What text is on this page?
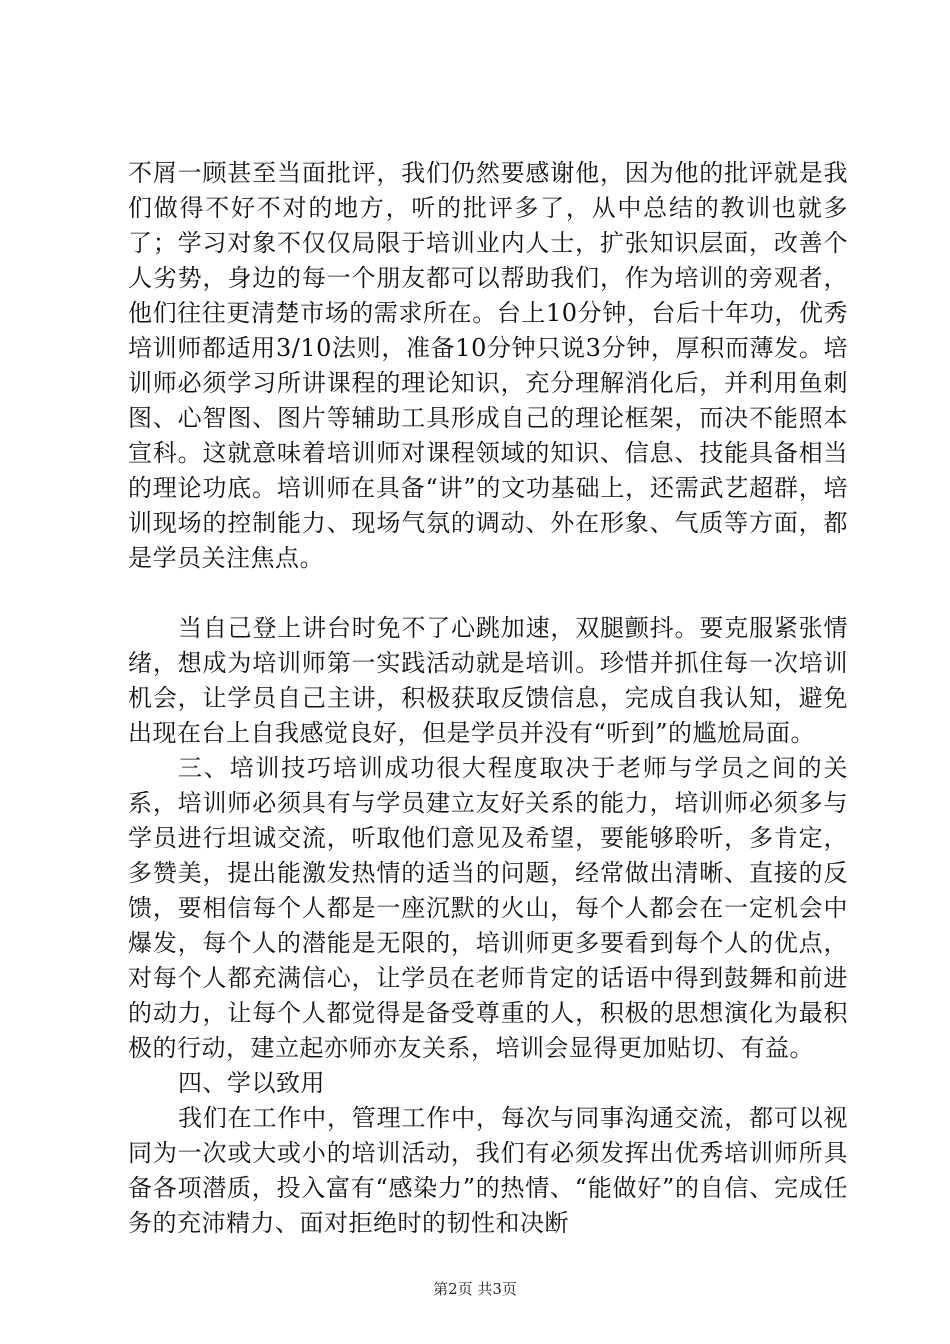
不屑一顾甚至当面批评，我们仍然要感谢他，因为他的批评就是我们做得不好不对的地方，听的批评多了，从中总结的教训也就多了；学习对象不仅仅局限于培训业内人士，扩张知识层面，改善个人劣势，身边的每一个朋友都可以帮助我们，作为培训的旁观者，他们往往更清楚市场的需求所在。台上10分钟，台后十年功，优秀培训师都适用3/10法则，准备10分钟只说3分钟，厚积而薄发。培训师必须学习所讲课程的理论知识，充分理解消化后，并利用鱼刺图、心智图、图片等辅助工具形成自己的理论框架，而决不能照本宣科。这就意味着培训师对课程领域的知识、信息、技能具备相当的理论功底。培训师在具备“讲”的文功基础上，还需武艺超群，培训现场的控制能力、现场气氛的调动、外在形象、气质等方面，都是学员关注焦点。

当自己登上讲台时免不了心跳加速，双腿颤抖。要克服紧张情绪，想成为培训师第一实践活动就是培训。珍惜并抓住每一次培训机会，让学员自己主讲，积极获取反馈信息，完成自我认知，避免出现在台上自我感觉良好，但是学员并没有“听到”的尴尬局面。

三、培训技巧培训成功很大程度取决于老师与学员之间的关系，培训师必须具有与学员建立友好关系的能力，培训师必须多与学员进行坦诚交流，听取他们意见及希望，要能够聆听，多肯定，多赞美，提出能激发热情的适当的问题，经常做出清晰、直接的反馈，要相信每个人都是一座沉默的火山，每个人都会在一定机会中爆发，每个人的潜能是无限的，培训师更多要看到每个人的优点，对每个人都充满信心，让学员在老师肯定的话语中得到鼓舞和前进的动力，让每个人都觉得是备受尊重的人，积极的思想演化为最积极的行动，建立起亦师亦友关系，培训会显得更加贴切、有益。

四、学以致用

我们在工作中，管理工作中，每次与同事沟通交流，都可以视同为一次或大或小的培训活动，我们有必须发挥出优秀培训师所具备各项潜质，投入富有“感染力”的热情、“能做好”的自信、完成任务的充沛精力、面对拒绝时的韧性和决断

第2页 共3页
